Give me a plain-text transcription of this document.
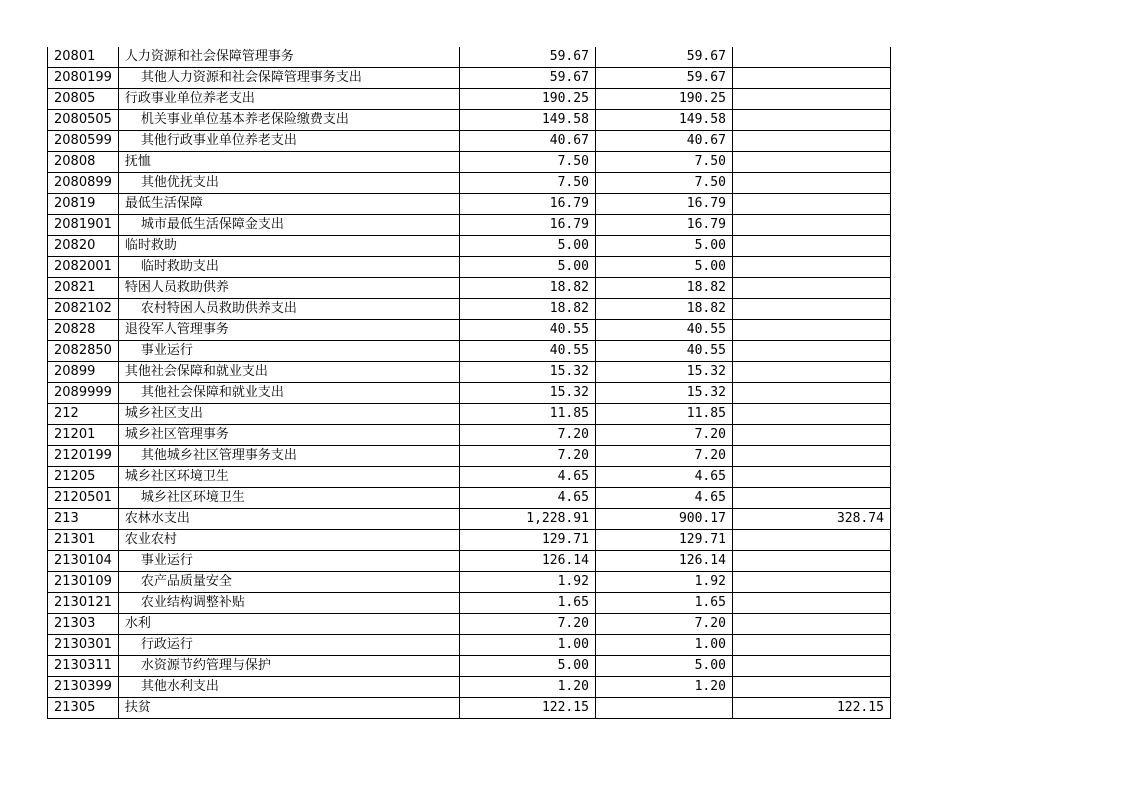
20801	人力资源和社会保障管理事务	59.67	59.67	
2080199	其他人力资源和社会保障管理事务支出	59.67	59.67	
20805	行政事业单位养老支出	190.25	190.25	
2080505	机关事业单位基本养老保险缴费支出	149.58	149.58	
2080599	其他行政事业单位养老支出	40.67	40.67	
20808	抚恤	7.50	7.50	
2080899	其他优抚支出	7.50	7.50	
20819	最低生活保障	16.79	16.79	
2081901	城市最低生活保障金支出	16.79	16.79	
20820	临时救助	5.00	5.00	
2082001	临时救助支出	5.00	5.00	
20821	特困人员救助供养	18.82	18.82	
2082102	农村特困人员救助供养支出	18.82	18.82	
20828	退役军人管理事务	40.55	40.55	
2082850	事业运行	40.55	40.55	
20899	其他社会保障和就业支出	15.32	15.32	
2089999	其他社会保障和就业支出	15.32	15.32	
212	城乡社区支出	11.85	11.85	
21201	城乡社区管理事务	7.20	7.20	
2120199	其他城乡社区管理事务支出	7.20	7.20	
21205	城乡社区环境卫生	4.65	4.65	
2120501	城乡社区环境卫生	4.65	4.65	
213	农林水支出	1,228.91	900.17	328.74
21301	农业农村	129.71	129.71	
2130104	事业运行	126.14	126.14	
2130109	农产品质量安全	1.92	1.92	
2130121	农业结构调整补贴	1.65	1.65	
21303	水利	7.20	7.20	
2130301	行政运行	1.00	1.00	
2130311	水资源节约管理与保护	5.00	5.00	
2130399	其他水利支出	1.20	1.20	
21305	扶贫	122.15		122.15
